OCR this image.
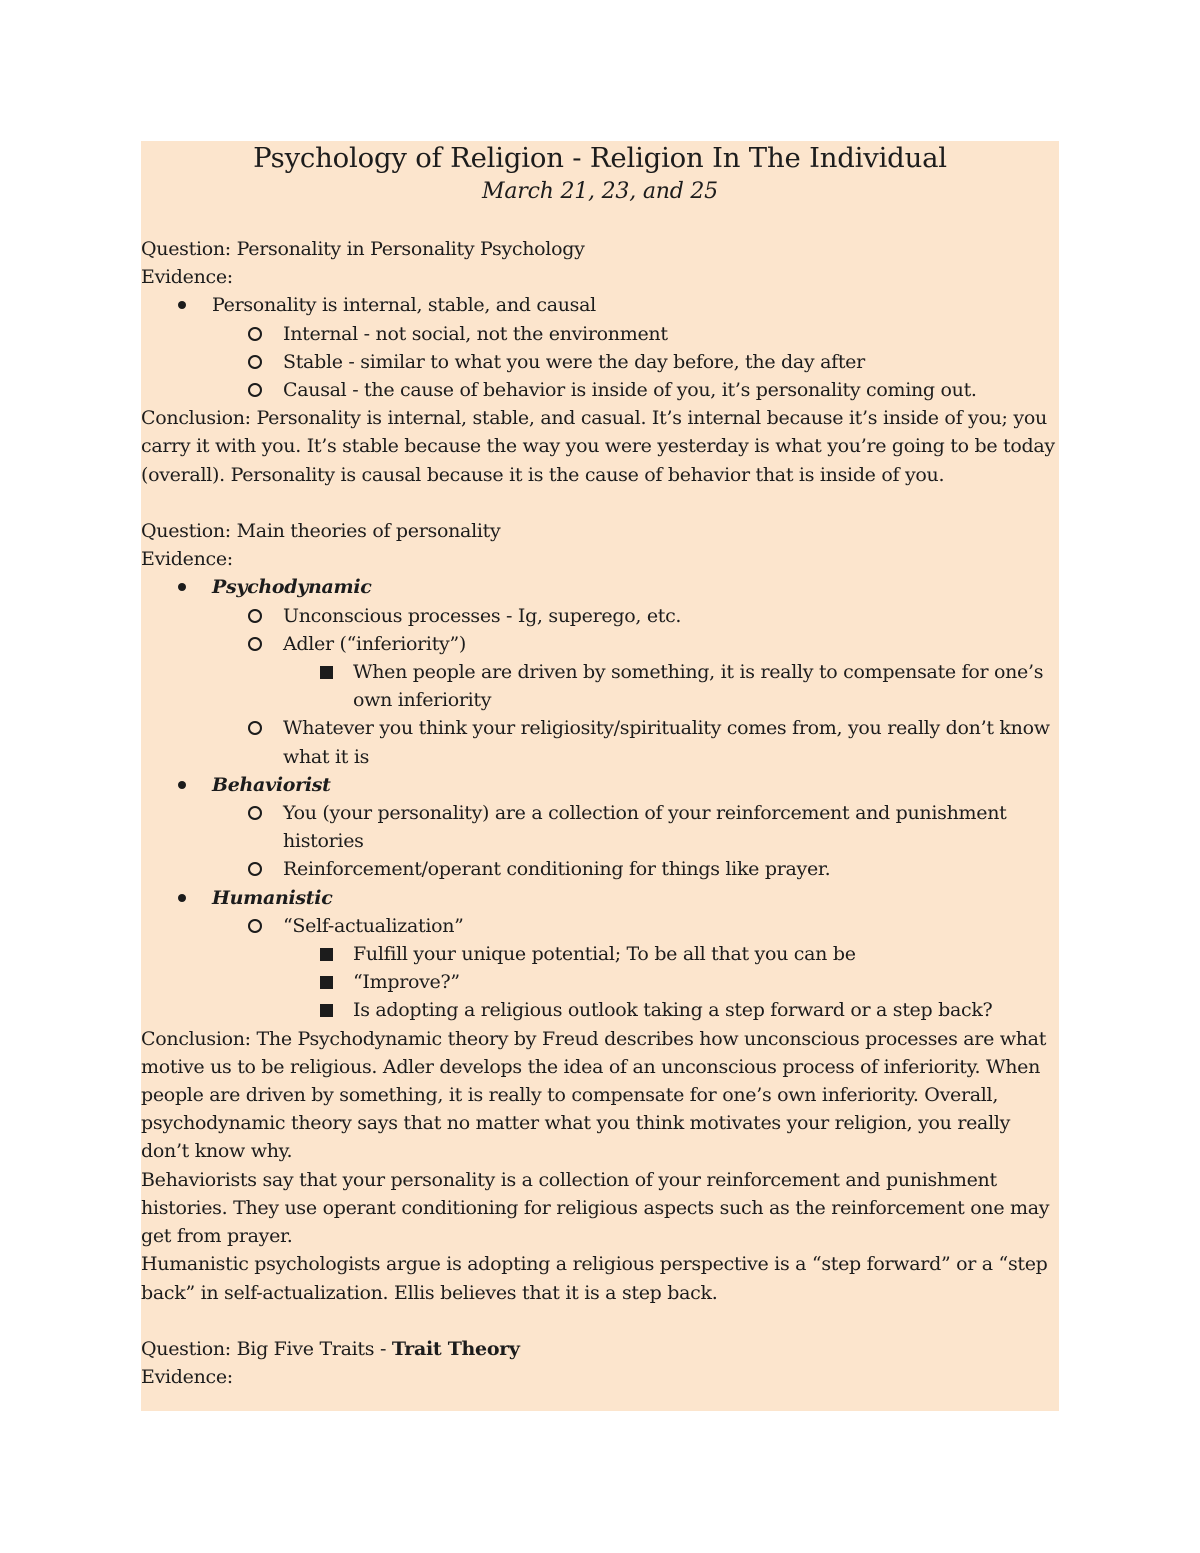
Psychology of Religion - Religion In The Individual

March 21, 23, and 25

Question: Personality in Personality Psychology

Evidence:

Personality is internal, stable, and causal
Internal - not social, not the environment
Stable - similar to what you were the day before, the day after
Causal - the cause of behavior is inside of you, it’s personality coming out.

Conclusion: Personality is internal, stable, and casual. It’s internal because it’s inside of you; you carry it with you. It’s stable because the way you were yesterday is what you’re going to be today (overall). Personality is causal because it is the cause of behavior that is inside of you.

Question: Main theories of personality

Evidence:

Psychodynamic
Unconscious processes - Ig, superego, etc.
Adler (“inferiority”)
When people are driven by something, it is really to compensate for one’s own inferiority
Whatever you think your religiosity/spirituality comes from, you really don’t know what it is
Behaviorist
You (your personality) are a collection of your reinforcement and punishment histories
Reinforcement/operant conditioning for things like prayer.
Humanistic
“Self-actualization”
Fulfill your unique potential; To be all that you can be
“Improve?”
Is adopting a religious outlook taking a step forward or a step back?

Conclusion: The Psychodynamic theory by Freud describes how unconscious processes are what motive us to be religious. Adler develops the idea of an unconscious process of inferiority. When people are driven by something, it is really to compensate for one’s own inferiority. Overall, psychodynamic theory says that no matter what you think motivates your religion, you really don’t know why.

Behaviorists say that your personality is a collection of your reinforcement and punishment histories. They use operant conditioning for religious aspects such as the reinforcement one may get from prayer.

Humanistic psychologists argue is adopting a religious perspective is a “step forward” or a “step back” in self-actualization. Ellis believes that it is a step back.

Question: Big Five Traits - Trait Theory

Evidence:
